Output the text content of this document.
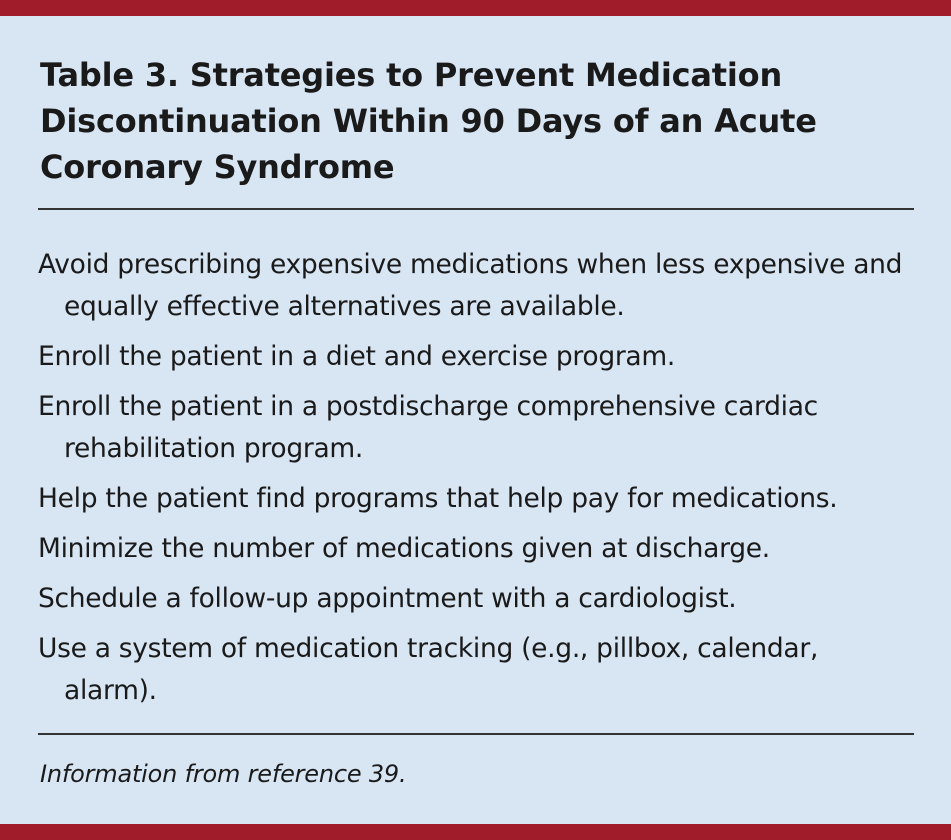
Table 3. Strategies to Prevent Medication Discontinuation Within 90 Days of an Acute Coronary Syndrome
Avoid prescribing expensive medications when less expensive and equally effective alternatives are available.
Enroll the patient in a diet and exercise program.
Enroll the patient in a postdischarge comprehensive cardiac rehabilitation program.
Help the patient find programs that help pay for medications.
Minimize the number of medications given at discharge.
Schedule a follow-up appointment with a cardiologist.
Use a system of medication tracking (e.g., pillbox, calendar, alarm).

Information from reference 39.
